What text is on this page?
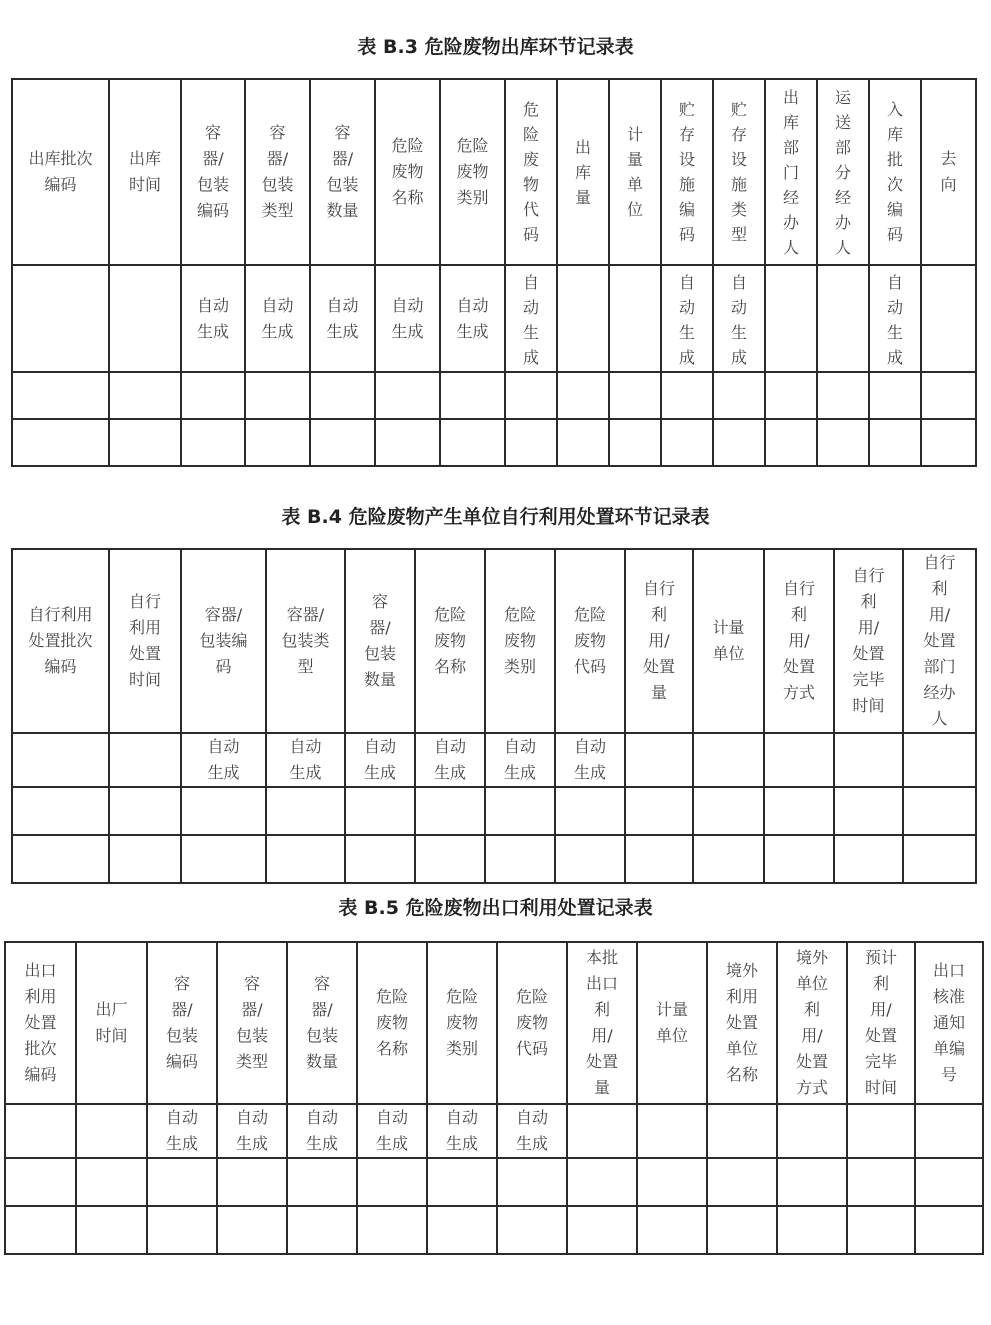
表 B.3 危险废物出库环节记录表
出库批次编码	出库时间	容器/包装编码	容器/包装类型	容器/包装数量	危险废物名称	危险废物类别	危险废物代码	出库量	计量单位	贮存设施编码	贮存设施类型	出库部门经办人	运送部分经办人	入库批次编码	去向
		自动生成	自动生成	自动生成	自动生成	自动生成	自动生成			自动生成	自动生成			自动生成	

表 B.4 危险废物产生单位自行利用处置环节记录表
自行利用处置批次编码	自行利用处置时间	容器/包装编码	容器/包装类型	容器/包装数量	危险废物名称	危险废物类别	危险废物代码	自行利用/处置量	计量单位	自行利用/处置方式	自行利用/处置完毕时间	自行利用/处置部门经办人
		自动生成	自动生成	自动生成	自动生成	自动生成	自动生成					

表 B.5 危险废物出口利用处置记录表
出口利用处置批次编码	出厂时间	容器/包装编码	容器/包装类型	容器/包装数量	危险废物名称	危险废物类别	危险废物代码	本批出口利用/处置量	计量单位	境外利用处置单位名称	境外单位利用/处置方式	预计利用/处置完毕时间	出口核准通知单编号
		自动生成	自动生成	自动生成	自动生成	自动生成	自动生成						
